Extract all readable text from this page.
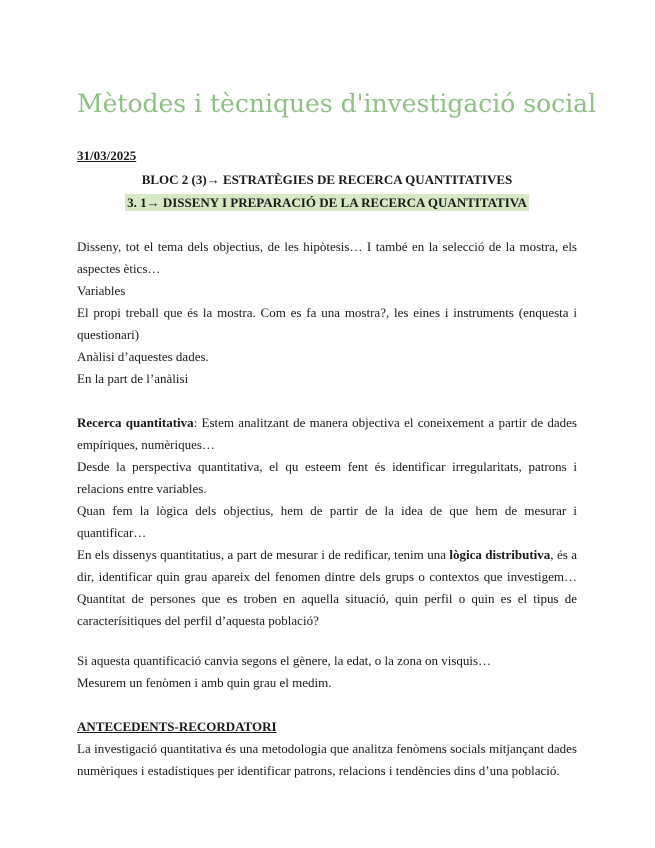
Mètodes i tècniques d'investigació social
31/03/2025
BLOC 2 (3)→ ESTRATÈGIES DE RECERCA QUANTITATIVES
3. 1→ DISSENY I PREPARACIÓ DE LA RECERCA QUANTITATIVA

Disseny, tot el tema dels objectius, de les hipòtesis… I també en la selecció de la mostra, els aspectes ètics…

Variables

El propi treball que és la mostra. Com es fa una mostra?, les eines i instruments (enquesta i questionari)

Anàlisi d’aquestes dades.

En la part de l’anàlisi

Recerca quantitativa: Estem analitzant de manera objectiva el coneixement a partir de dades empíriques, numèriques…

Desde la perspectiva quantitativa, el qu esteem fent és identificar irregularitats, patrons i relacions entre variables.

Quan fem la lògica dels objectius, hem de partir de la idea de que hem de mesurar i quantificar…

En els dissenys quantitatius, a part de mesurar i de redificar, tenim una lògica distributiva, és a dir, identificar quin grau apareix del fenomen dintre dels grups o contextos que investigem… Quantitat de persones que es troben en aquella situació, quin perfil o quin es el tipus de caracterísitiques del perfil d’aquesta població?

Si aquesta quantificació canvia segons el gènere, la edat, o la zona on visquis…

Mesurem un fenòmen i amb quin grau el medim.

ANTECEDENTS-RECORDATORI

La investigació quantitativa és una metodologia que analitza fenòmens socials mitjançant dades numèriques i estadístiques per identificar patrons, relacions i tendències dins d’una població.
